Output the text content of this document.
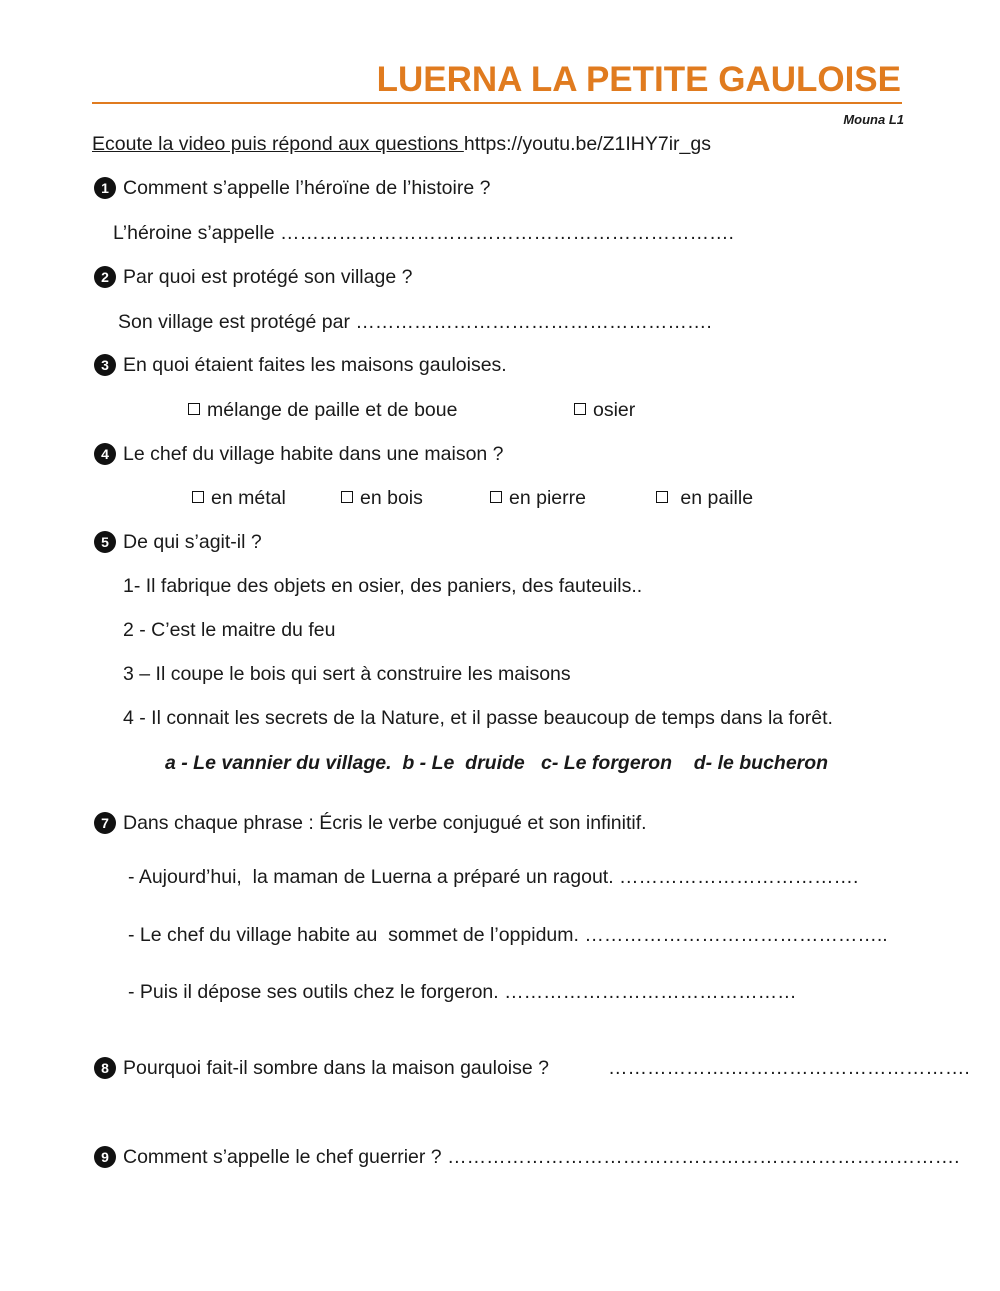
LUERNA LA PETITE GAULOISE
Mouna L1
Ecoute la video puis répond aux questions https://youtu.be/Z1IHY7ir_gs
1 Comment s’appelle l’héroïne de l’histoire ?
L’héroine s’appelle …………………………………………………………….
2 Par quoi est protégé son village ?
Son village est protégé par ……………………………………………….
3 En quoi étaient faites les maisons gauloises.
mélange de paille et de boue	osier
4 Le chef du village habite dans une maison ?
en métal	en bois	en pierre	en paille
5 De qui s’agit-il ?
1- Il fabrique des objets en osier, des paniers, des fauteuils..
2 - C’est le maitre du feu
3 – Il coupe le bois qui sert à construire les maisons
4 - Il connait les secrets de la Nature, et il passe beaucoup de temps dans la forêt.
a - Le vannier du village.  b - Le  druide   c- Le forgeron    d- le bucheron
7 Dans chaque phrase : Écris le verbe conjugué et son infinitif.
- Aujourd’hui,  la maman de Luerna a préparé un ragout. ……………………………….
- Le chef du village habite au  sommet de l’oppidum. ………………………………………..
- Puis il dépose ses outils chez le forgeron. ………………………………………
8 Pourquoi fait-il sombre dans la maison gauloise ?	……………….……………………………….
9 Comment s’appelle le chef guerrier ? …………………………………………………………………….
